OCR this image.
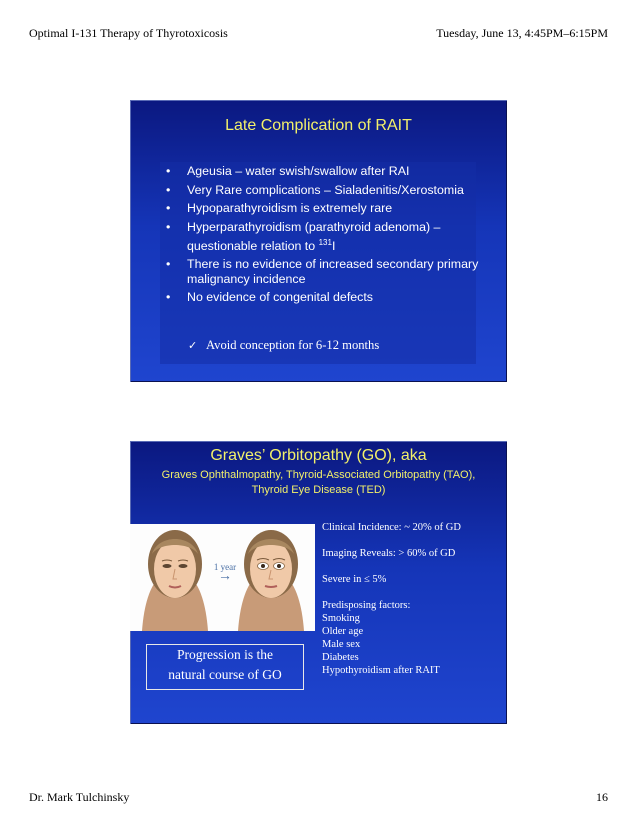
Optimal I-131 Therapy of Thyrotoxicosis	Tuesday, June 13, 4:45PM–6:15PM
Late Complication of RAIT
• Ageusia – water swish/swallow after RAI
• Very Rare complications – Sialadenitis/Xerostomia
• Hypoparathyroidism is extremely rare
• Hyperparathyroidism (parathyroid adenoma) – questionable relation to $^{131}$I
• There is no evidence of increased secondary primary malignancy incidence
• No evidence of congenital defects
✓ Avoid conception for 6-12 months
Graves’ Orbitopathy (GO), aka
Graves Ophthalmopathy, Thyroid-Associated Orbitopathy (TAO), Thyroid Eye Disease (TED)
1 year
→
Progression is the
natural course of GO
Clinical Incidence: ~ 20% of GD
Imaging Reveals: > 60% of GD
Severe in ≤ 5%
Predisposing factors:
Smoking
Older age
Male sex
Diabetes
Hypothyroidism after RAIT
Dr. Mark Tulchinsky	16
